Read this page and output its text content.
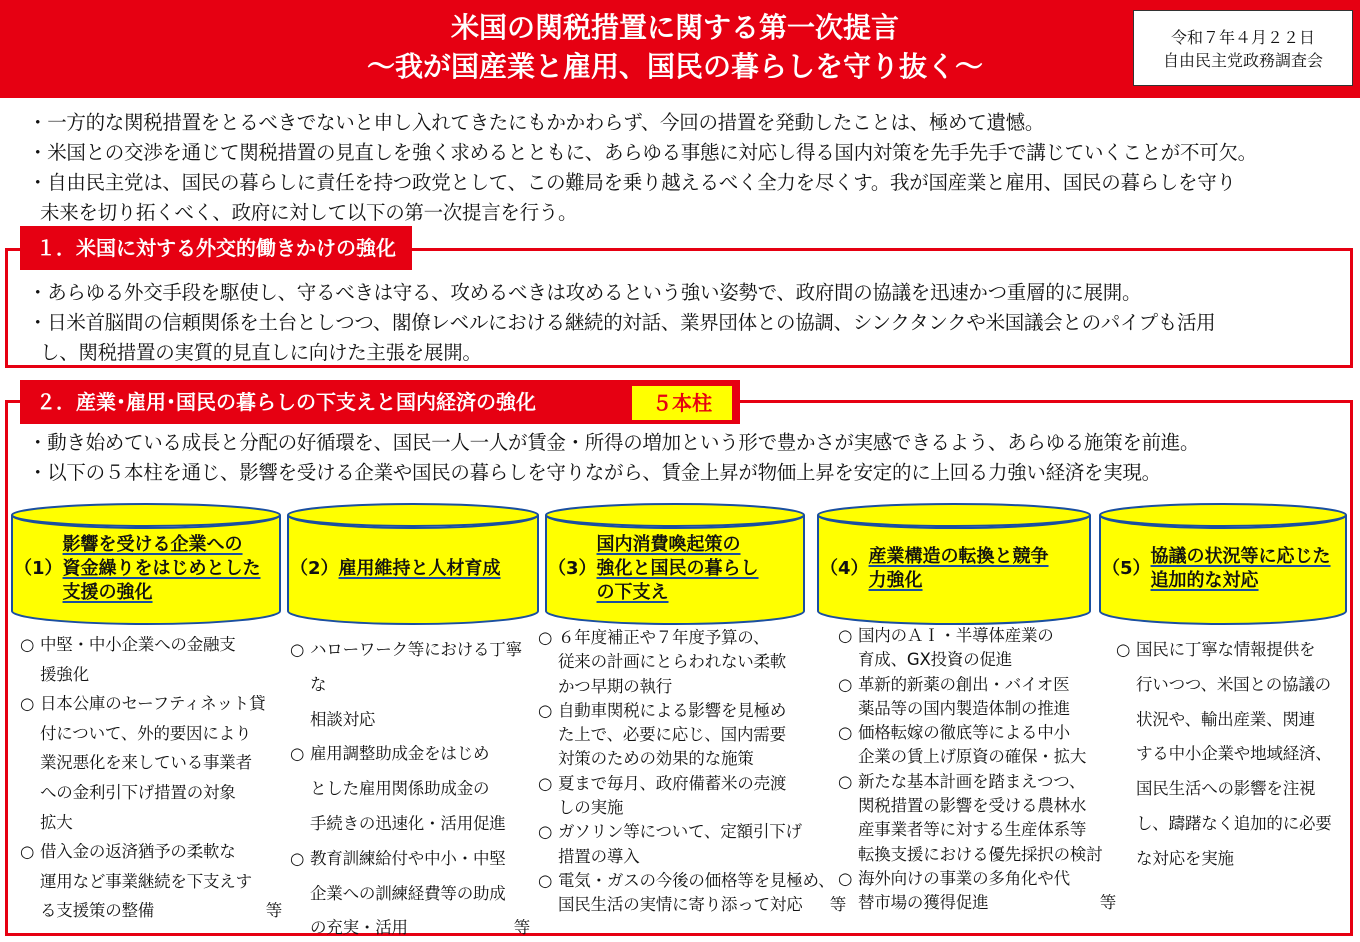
米国の関税措置に関する第一次提言
～我が国産業と雇用、国民の暮らしを守り抜く～
令和７年４月２２日
自由民主党政務調査会
・一方的な関税措置をとるべきでないと申し入れてきたにもかかわらず、今回の措置を発動したことは、極めて遺憾。
・米国との交渉を通じて関税措置の見直しを強く求めるとともに、あらゆる事態に対応し得る国内対策を先手先手で講じていくことが不可欠。
・自由民主党は、国民の暮らしに責任を持つ政党として、この難局を乗り越えるべく全力を尽くす。我が国産業と雇用、国民の暮らしを守り
未来を切り拓くべく、政府に対して以下の第一次提言を行う。
１．米国に対する外交的働きかけの強化
・あらゆる外交手段を駆使し、守るべきは守る、攻めるべきは攻めるという強い姿勢で、政府間の協議を迅速かつ重層的に展開。
・日米首脳間の信頼関係を土台としつつ、閣僚レベルにおける継続的対話、業界団体との協調、シンクタンクや米国議会とのパイプも活用
し、関税措置の実質的見直しに向けた主張を展開。
２．産業･雇用･国民の暮らしの下支えと国内経済の強化	５本柱
・動き始めている成長と分配の好循環を、国民一人一人が賃金・所得の増加という形で豊かさが実感できるよう、あらゆる施策を前進。
・以下の５本柱を通じ、影響を受ける企業や国民の暮らしを守りながら、賃金上昇が物価上昇を安定的に上回る力強い経済を実現。
（1）
影響を受ける企業への
資金繰りをはじめとした
支援の強化
○ 中堅・中小企業への金融支
援強化
○ 日本公庫のセーフティネット貸
付について、外的要因により
業況悪化を来している事業者
への金利引下げ措置の対象
拡大
○ 借入金の返済猶予の柔軟な
運用など事業継続を下支えす
る支援策の整備	等
（2） 雇用維持と人材育成
○ ハローワーク等における丁寧な
相談対応
○ 雇用調整助成金をはじめ
とした雇用関係助成金の
手続きの迅速化・活用促進
○ 教育訓練給付や中小・中堅
企業への訓練経費等の助成
の充実・活用	等
（3）
国内消費喚起策の
強化と国民の暮らし
の下支え
○ ６年度補正や７年度予算の、
従来の計画にとらわれない柔軟
かつ早期の執行
○ 自動車関税による影響を見極め
た上で、必要に応じ、国内需要
対策のための効果的な施策
○ 夏まで毎月、政府備蓄米の売渡
しの実施
○ ガソリン等について、定額引下げ
措置の導入
○ 電気・ガスの今後の価格等を見極め、
国民生活の実情に寄り添って対応	等
（4）
産業構造の転換と競争
力強化
○ 国内のＡＩ・半導体産業の
育成、GX投資の促進
○ 革新的新薬の創出・バイオ医
薬品等の国内製造体制の推進
○ 価格転嫁の徹底等による中小
企業の賃上げ原資の確保・拡大
○ 新たな基本計画を踏まえつつ、
関税措置の影響を受ける農林水
産事業者等に対する生産体系等
転換支援における優先採択の検討
○ 海外向けの事業の多角化や代
替市場の獲得促進	等
（5）
協議の状況等に応じた
追加的な対応
○ 国民に丁寧な情報提供を
行いつつ、米国との協議の
状況や、輸出産業、関連
する中小企業や地域経済、
国民生活への影響を注視
し、躊躇なく追加的に必要
な対応を実施
